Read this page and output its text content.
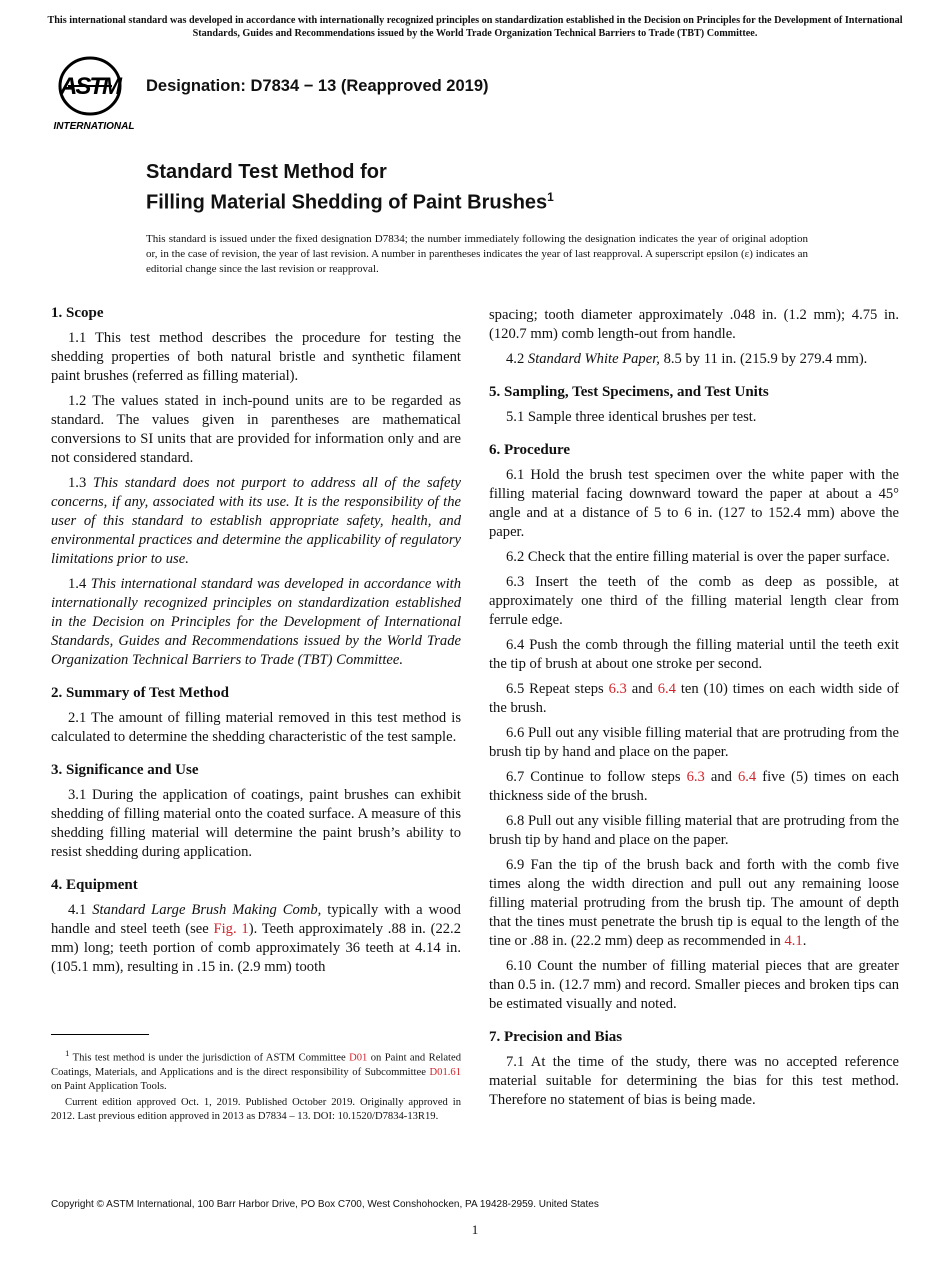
This international standard was developed in accordance with internationally recognized principles on standardization established in the Decision on Principles for the Development of International Standards, Guides and Recommendations issued by the World Trade Organization Technical Barriers to Trade (TBT) Committee.
ASTM
INTERNATIONAL
Designation: D7834 − 13 (Reapproved 2019)
Standard Test Method for
Filling Material Shedding of Paint Brushes$^1$
This standard is issued under the fixed designation D7834; the number immediately following the designation indicates the year of original adoption or, in the case of revision, the year of last revision. A number in parentheses indicates the year of last reapproval. A superscript epsilon (ε) indicates an editorial change since the last revision or reapproval.
1. Scope

1.1 This test method describes the procedure for testing the shedding properties of both natural bristle and synthetic filament paint brushes (referred as filling material).

1.2 The values stated in inch-pound units are to be regarded as standard. The values given in parentheses are mathematical conversions to SI units that are provided for information only and are not considered standard.

1.3 This standard does not purport to address all of the safety concerns, if any, associated with its use. It is the responsibility of the user of this standard to establish appropriate safety, health, and environmental practices and determine the applicability of regulatory limitations prior to use.

1.4 This international standard was developed in accordance with internationally recognized principles on standardization established in the Decision on Principles for the Development of International Standards, Guides and Recommendations issued by the World Trade Organization Technical Barriers to Trade (TBT) Committee.

2. Summary of Test Method

2.1 The amount of filling material removed in this test method is calculated to determine the shedding characteristic of the test sample.

3. Significance and Use

3.1 During the application of coatings, paint brushes can exhibit shedding of filling material onto the coated surface. A measure of this shedding filling material will determine the paint brush’s ability to resist shedding during application.

4. Equipment

4.1 Standard Large Brush Making Comb, typically with a wood handle and steel teeth (see Fig. 1). Teeth approximately .88 in. (22.2 mm) long; teeth portion of comb approximately 36 teeth at 4.14 in. (105.1 mm), resulting in .15 in. (2.9 mm) tooth

spacing; tooth diameter approximately .048 in. (1.2 mm); 4.75 in. (120.7 mm) comb length-out from handle.

4.2 Standard White Paper, 8.5 by 11 in. (215.9 by 279.4 mm).

5. Sampling, Test Specimens, and Test Units

5.1 Sample three identical brushes per test.

6. Procedure

6.1 Hold the brush test specimen over the white paper with the filling material facing downward toward the paper at about a 45° angle and at a distance of 5 to 6 in. (127 to 152.4 mm) above the paper.

6.2 Check that the entire filling material is over the paper surface.

6.3 Insert the teeth of the comb as deep as possible, at approximately one third of the filling material length clear from ferrule edge.

6.4 Push the comb through the filling material until the teeth exit the tip of brush at about one stroke per second.

6.5 Repeat steps 6.3 and 6.4 ten (10) times on each width side of the brush.

6.6 Pull out any visible filling material that are protruding from the brush tip by hand and place on the paper.

6.7 Continue to follow steps 6.3 and 6.4 five (5) times on each thickness side of the brush.

6.8 Pull out any visible filling material that are protruding from the brush tip by hand and place on the paper.

6.9 Fan the tip of the brush back and forth with the comb five times along the width direction and pull out any remaining loose filling material protruding from the brush tip. The amount of depth that the tines must penetrate the brush tip is equal to the length of the tine or .88 in. (22.2 mm) deep as recommended in 4.1.

6.10 Count the number of filling material pieces that are greater than 0.5 in. (12.7 mm) and record. Smaller pieces and broken tips can be estimated visually and noted.

7. Precision and Bias

7.1 At the time of the study, there was no accepted reference material suitable for determining the bias for this test method. Therefore no statement of bias is being made.

$^1$ This test method is under the jurisdiction of ASTM Committee D01 on Paint and Related Coatings, Materials, and Applications and is the direct responsibility of Subcommittee D01.61 on Paint Application Tools.

Current edition approved Oct. 1, 2019. Published October 2019. Originally approved in 2012. Last previous edition approved in 2013 as D7834 – 13. DOI: 10.1520/D7834-13R19.

Copyright © ASTM International, 100 Barr Harbor Drive, PO Box C700, West Conshohocken, PA 19428-2959. United States
1
